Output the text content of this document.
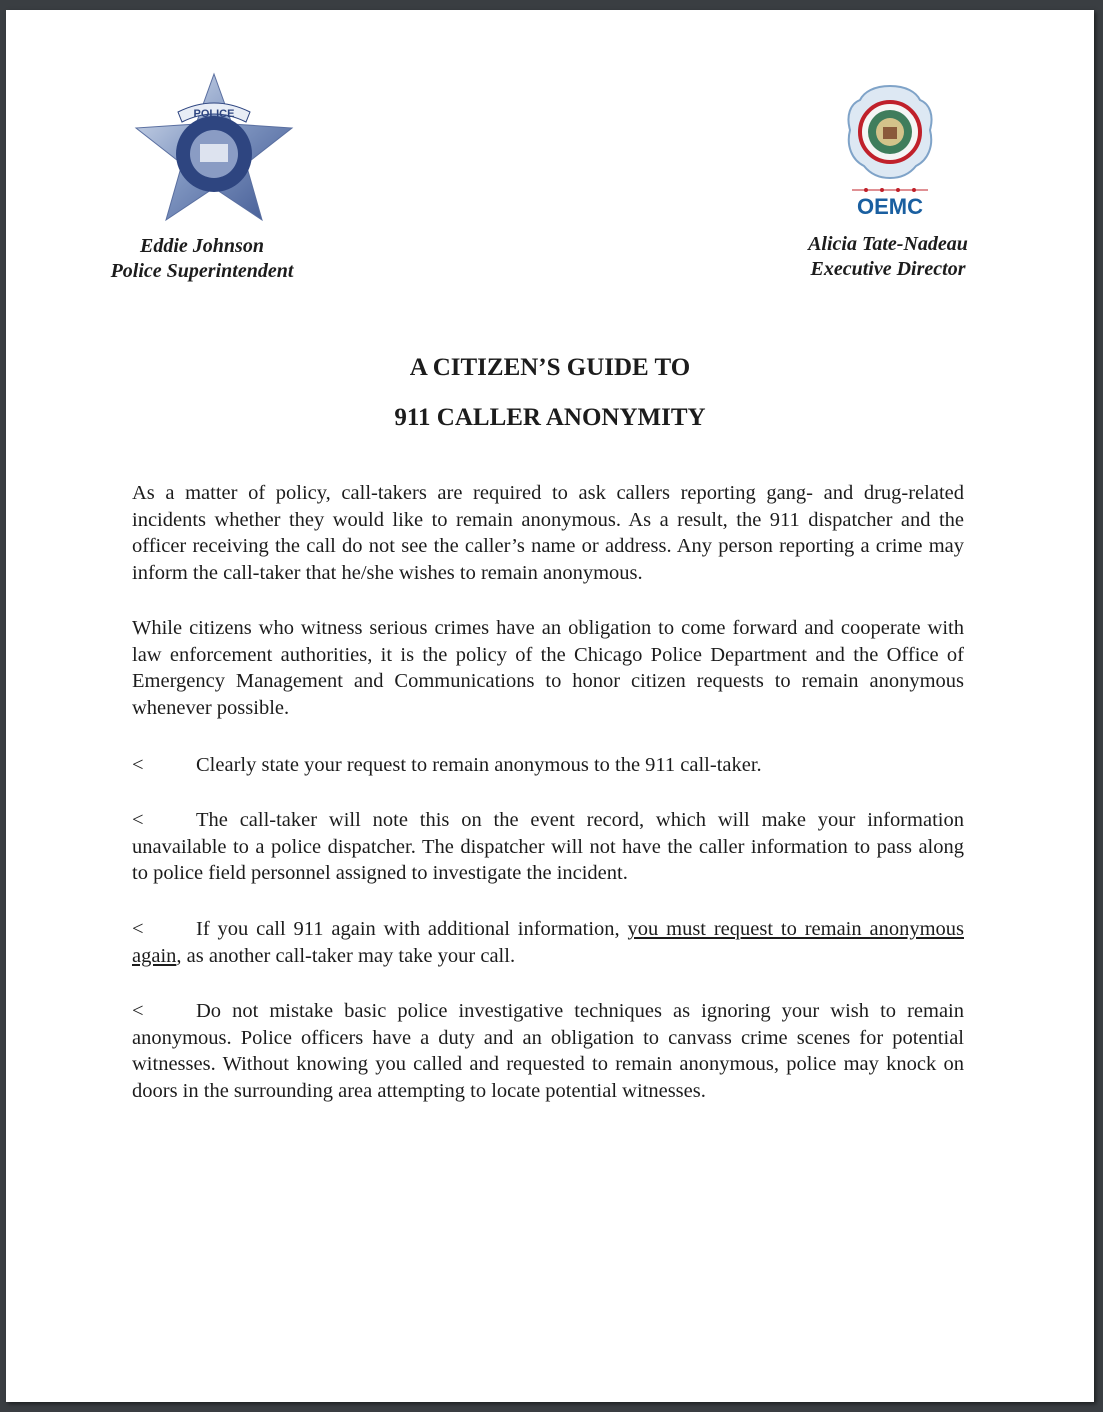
POLICE
Eddie Johnson
Police Superintendent
OEMC
Alicia Tate-Nadeau
Executive Director
A CITIZEN’S GUIDE TO
911 CALLER ANONYMITY
As a matter of policy, call-takers are required to ask callers reporting gang- and drug-related incidents whether they would like to remain anonymous. As a result, the 911 dispatcher and the officer receiving the call do not see the caller’s name or address. Any person reporting a crime may inform the call-taker that he/she wishes to remain anonymous.
While citizens who witness serious crimes have an obligation to come forward and cooperate with law enforcement authorities, it is the policy of the Chicago Police Department and the Office of Emergency Management and Communications to honor citizen requests to remain anonymous whenever possible.
<	Clearly state your request to remain anonymous to the 911 call-taker.
<	The call-taker will note this on the event record, which will make your information unavailable to a police dispatcher. The dispatcher will not have the caller information to pass along to police field personnel assigned to investigate the incident.
<	If you call 911 again with additional information, you must request to remain anonymous again, as another call-taker may take your call.
<	Do not mistake basic police investigative techniques as ignoring your wish to remain anonymous. Police officers have a duty and an obligation to canvass crime scenes for potential witnesses. Without knowing you called and requested to remain anonymous, police may knock on doors in the surrounding area attempting to locate potential witnesses.
